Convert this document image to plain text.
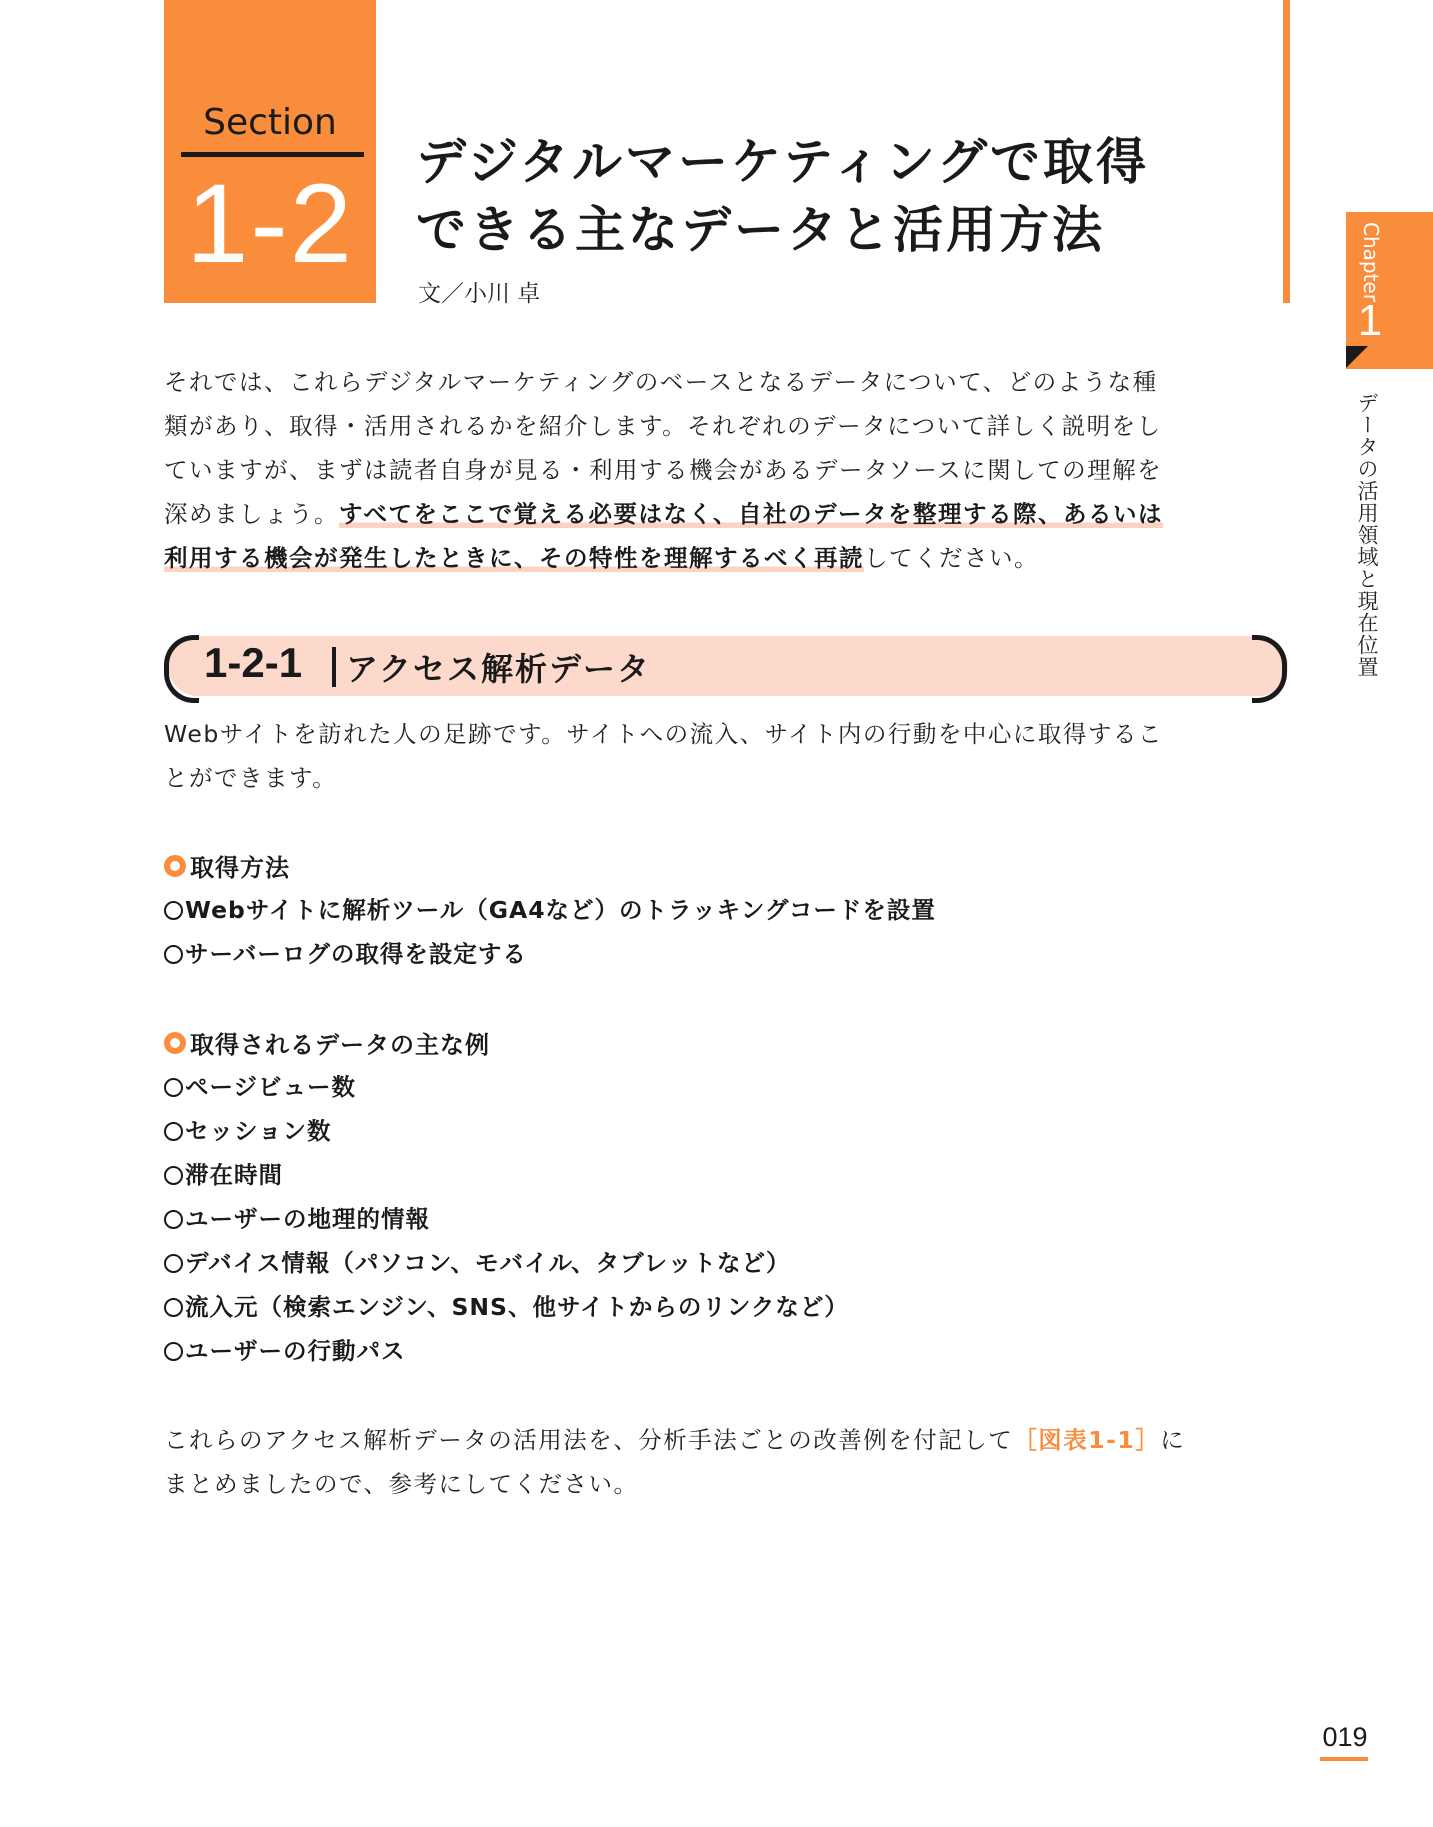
Section
1-2	デジタルマーケティングで取得
できる主なデータと活用方法
文／小川 卓	Chapter
1
データの活用領域と現在位置
それでは、これらデジタルマーケティングのベースとなるデータについて、どのような種
類があり、取得・活用されるかを紹介します。それぞれのデータについて詳しく説明をし
ていますが、まずは読者自身が見る・利用する機会があるデータソースに関しての理解を
深めましょう。すべてをここで覚える必要はなく、自社のデータを整理する際、あるいは
利用する機会が発生したときに、その特性を理解するべく再読してください。
1-2-1 アクセス解析データ
Webサイトを訪れた人の足跡です。サイトへの流入、サイト内の行動を中心に取得するこ
とができます。
取得方法
Webサイトに解析ツール（GA4など）のトラッキングコードを設置
サーバーログの取得を設定する
取得されるデータの主な例
ページビュー数
セッション数
滞在時間
ユーザーの地理的情報
デバイス情報（パソコン、モバイル、タブレットなど）
流入元（検索エンジン、SNS、他サイトからのリンクなど）
ユーザーの行動パス
これらのアクセス解析データの活用法を、分析手法ごとの改善例を付記して［図表1-1］に
まとめましたので、参考にしてください。
019
